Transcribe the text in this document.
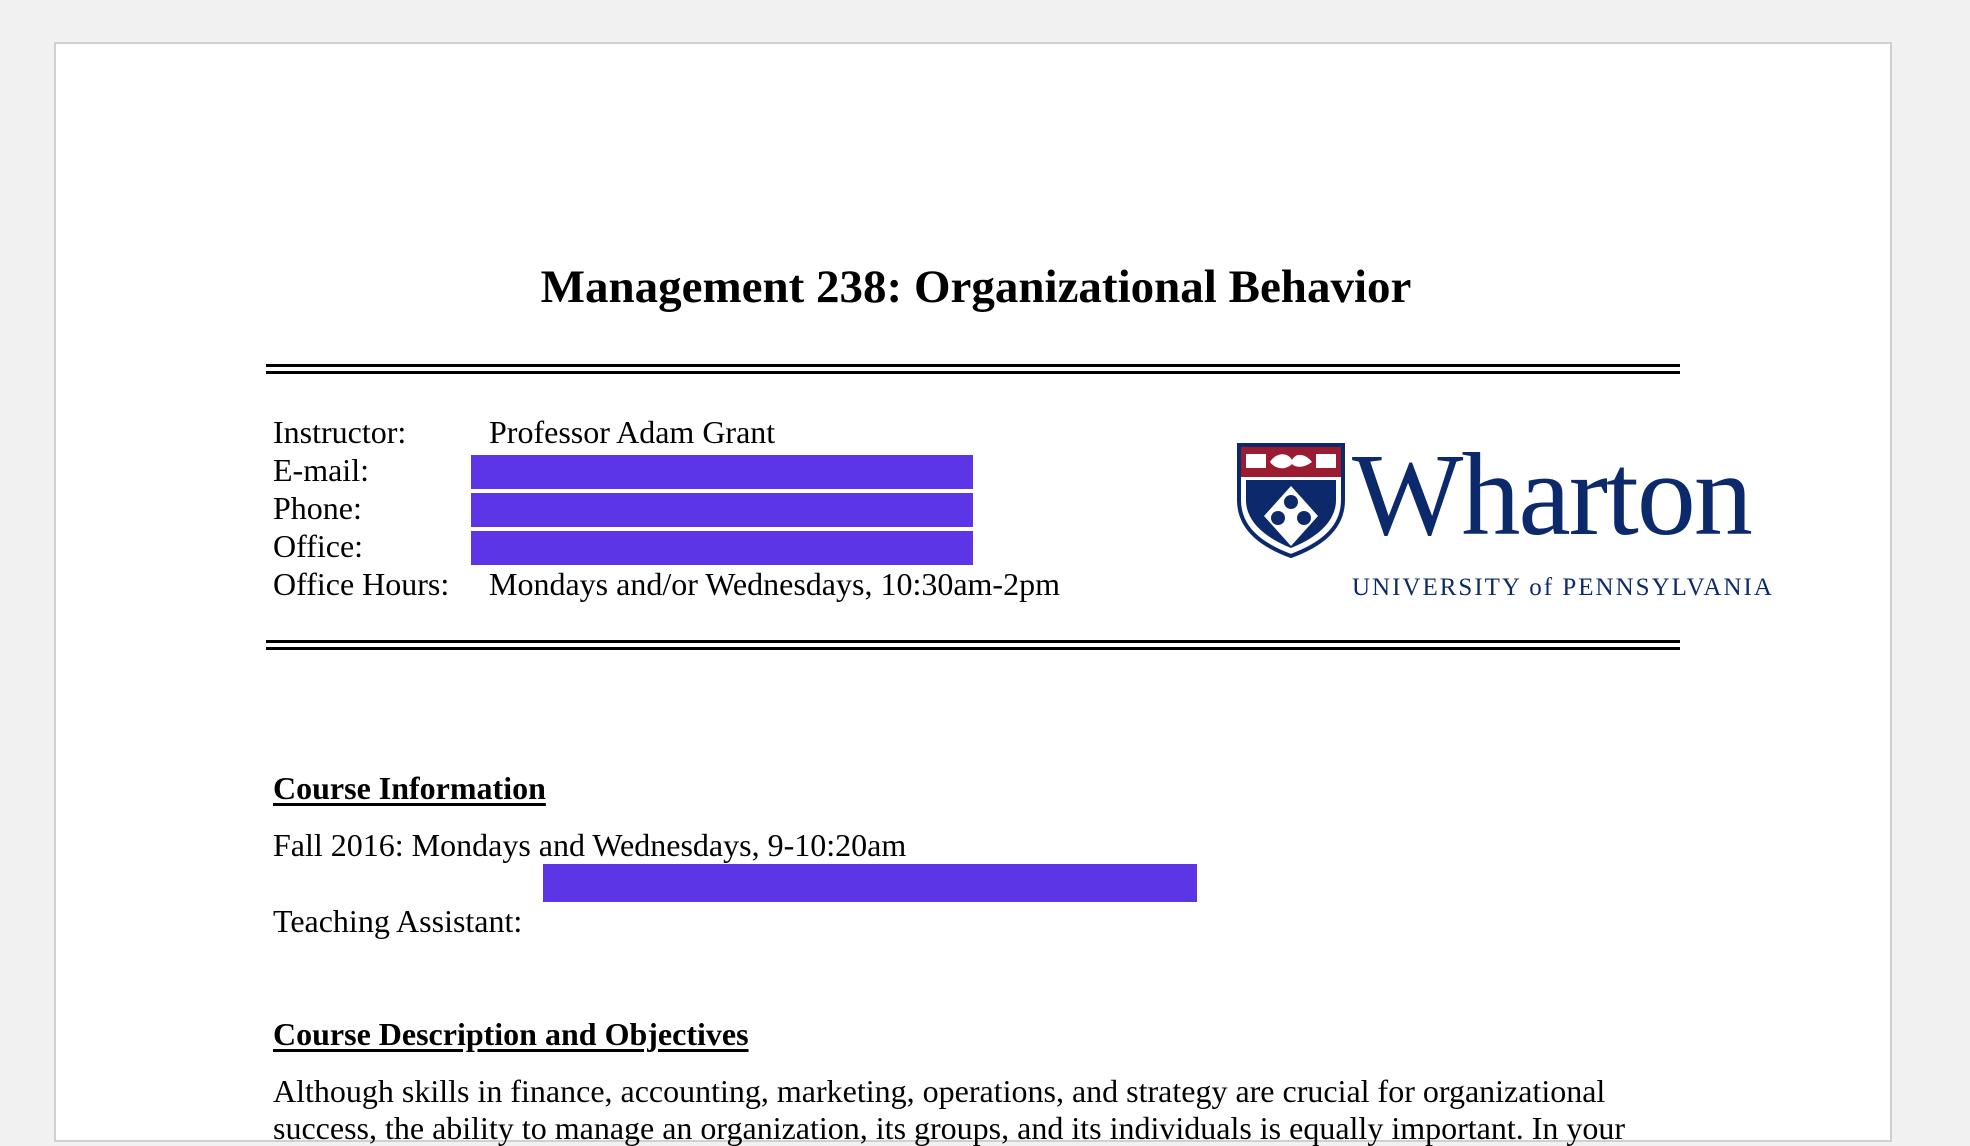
Management 238: Organizational Behavior
Instructor:	Professor Adam Grant
E-mail:
Phone:
Office:
Office Hours: Mondays and/or Wednesdays, 10:30am-2pm
Wharton
UNIVERSITY of PENNSYLVANIA
Course Information
Fall 2016: Mondays and Wednesdays, 9-10:20am
Teaching Assistant:
Course Description and Objectives
Although skills in finance, accounting, marketing, operations, and strategy are crucial for organizational
success, the ability to manage an organization, its groups, and its individuals is equally important. In your
